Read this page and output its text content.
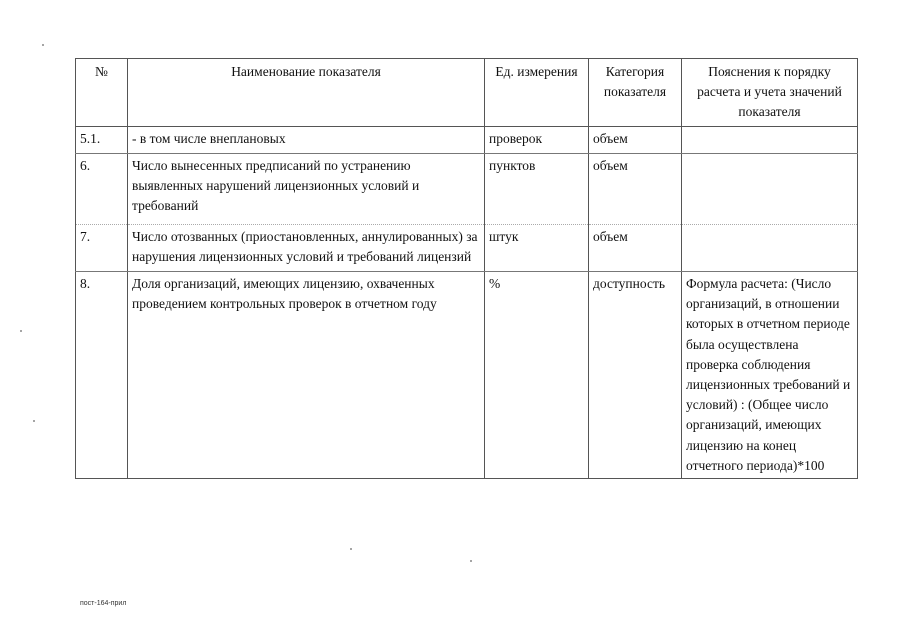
№	Наименование показателя	Ед. измерения	Категория показателя	Пояснения к порядку расчета и учета значений показателя
5.1.	- в том числе внеплановых	проверок	объем	
6.	Число вынесенных предписаний по устранению выявленных нарушений лицензионных условий и требований	пунктов	объем	
7.	Число отозванных (приостановленных, аннулированных) за нарушения лицензионных условий и требований лицензий	штук	объем	
8.	Доля организаций, имеющих лицензию, охваченных проведением контрольных проверок в отчетном году	%	доступность	Формула расчета: (Число организаций, в отношении которых в отчетном периоде была осуществлена проверка соблюдения лицензионных требований и условий) : (Общее число организаций, имеющих лицензию на конец отчетного периода)*100
пост-164-прил
